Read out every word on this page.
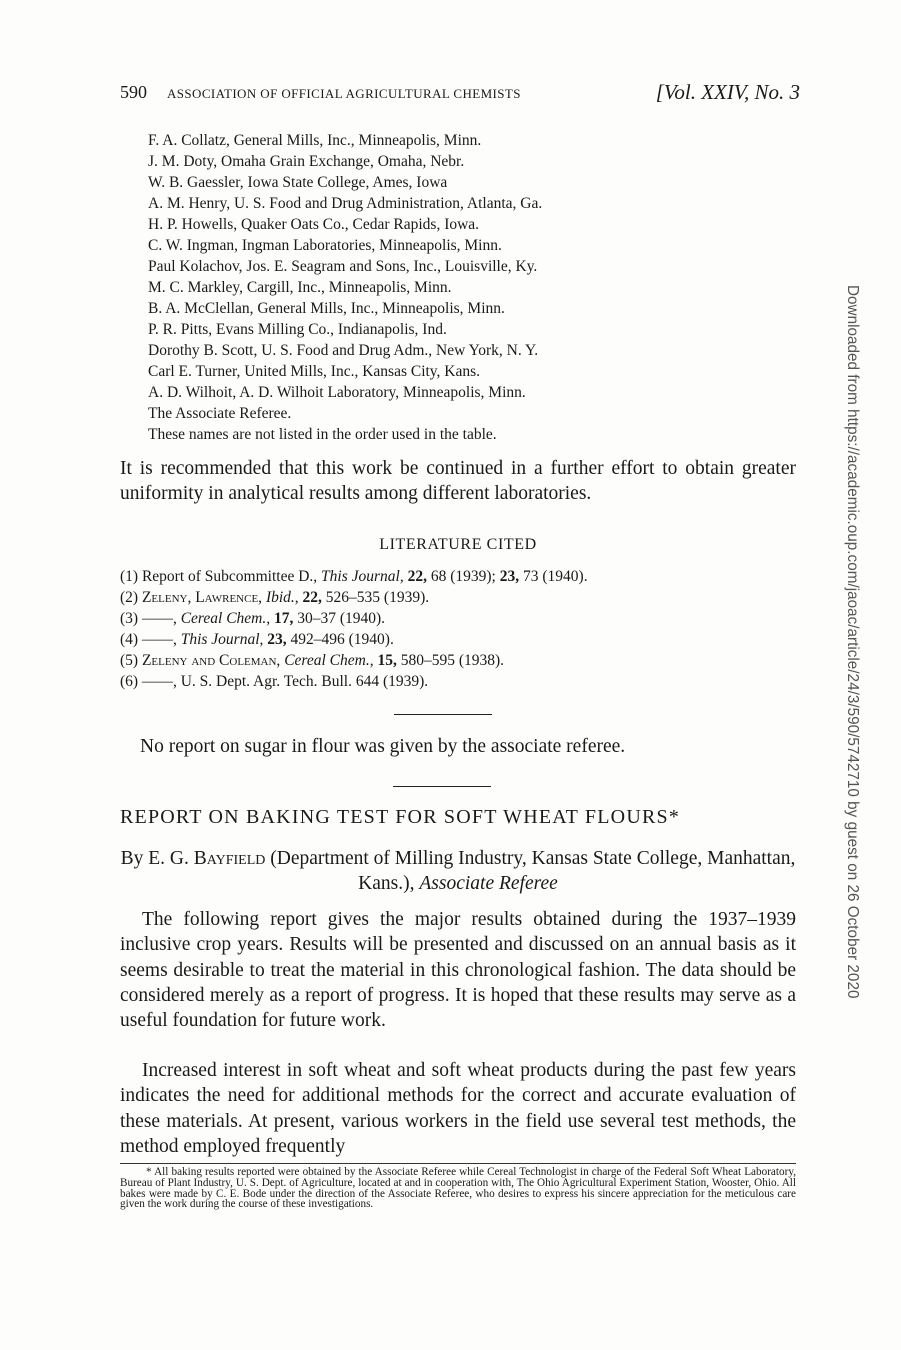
590 ASSOCIATION OF OFFICIAL AGRICULTURAL CHEMISTS	[Vol. XXIV, No. 3
F. A. Collatz, General Mills, Inc., Minneapolis, Minn.
J. M. Doty, Omaha Grain Exchange, Omaha, Nebr.
W. B. Gaessler, Iowa State College, Ames, Iowa
A. M. Henry, U. S. Food and Drug Administration, Atlanta, Ga.
H. P. Howells, Quaker Oats Co., Cedar Rapids, Iowa.
C. W. Ingman, Ingman Laboratories, Minneapolis, Minn.
Paul Kolachov, Jos. E. Seagram and Sons, Inc., Louisville, Ky.
M. C. Markley, Cargill, Inc., Minneapolis, Minn.
B. A. McClellan, General Mills, Inc., Minneapolis, Minn.
P. R. Pitts, Evans Milling Co., Indianapolis, Ind.
Dorothy B. Scott, U. S. Food and Drug Adm., New York, N. Y.
Carl E. Turner, United Mills, Inc., Kansas City, Kans.
A. D. Wilhoit, A. D. Wilhoit Laboratory, Minneapolis, Minn.
The Associate Referee.
These names are not listed in the order used in the table.

It is recommended that this work be continued in a further effort to obtain greater uniformity in analytical results among different laboratories.

LITERATURE CITED
(1) Report of Subcommittee D., This Journal, 22, 68 (1939); 23, 73 (1940).
(2) Zeleny, Lawrence, Ibid., 22, 526–535 (1939).
(3) ——, Cereal Chem., 17, 30–37 (1940).
(4) ——, This Journal, 23, 492–496 (1940).
(5) Zeleny and Coleman, Cereal Chem., 15, 580–595 (1938).
(6) ——, U. S. Dept. Agr. Tech. Bull. 644 (1939).
No report on sugar in flour was given by the associate referee.
REPORT ON BAKING TEST FOR SOFT WHEAT FLOURS*
By E. G. Bayfield (Department of Milling Industry, Kansas State College, Manhattan, Kans.), Associate Referee

The following report gives the major results obtained during the 1937–1939 inclusive crop years. Results will be presented and discussed on an annual basis as it seems desirable to treat the material in this chronological fashion. The data should be considered merely as a report of progress. It is hoped that these results may serve as a useful foundation for future work.

Increased interest in soft wheat and soft wheat products during the past few years indicates the need for additional methods for the correct and accurate evaluation of these materials. At present, various workers in the field use several test methods, the method employed frequently

* All baking results reported were obtained by the Associate Referee while Cereal Technologist in charge of the Federal Soft Wheat Laboratory, Bureau of Plant Industry, U. S. Dept. of Agriculture, located at and in cooperation with, The Ohio Agricultural Experiment Station, Wooster, Ohio. All bakes were made by C. E. Bode under the direction of the Associate Referee, who desires to express his sincere appreciation for the meticulous care given the work during the course of these investigations.

Downloaded from https://academic.oup.com/jaoac/article/24/3/590/5742710 by guest on 26 October 2020
